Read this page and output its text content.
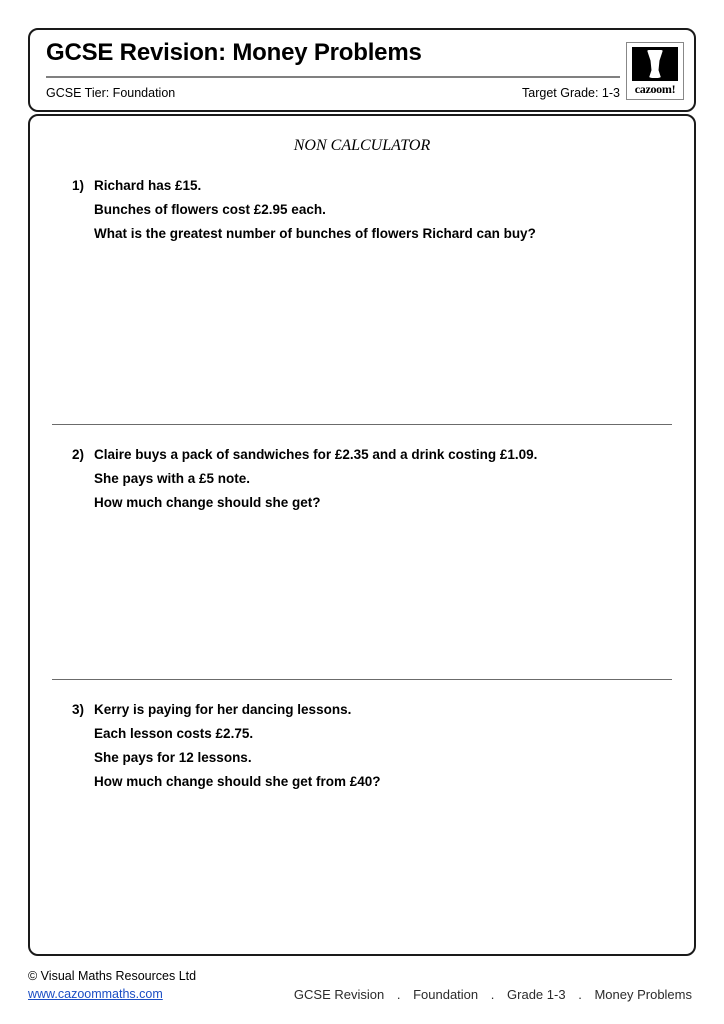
GCSE Revision: Money Problems
GCSE Tier: Foundation	Target Grade: 1-3 cazoom!
NON CALCULATOR
1) Richard has £15.
Bunches of flowers cost £2.95 each.
What is the greatest number of bunches of flowers Richard can buy?
2) Claire buys a pack of sandwiches for £2.35 and a drink costing £1.09.
She pays with a £5 note.
How much change should she get?
3) Kerry is paying for her dancing lessons.
Each lesson costs £2.75.
She pays for 12 lessons.
How much change should she get from £40?
© Visual Maths Resources Ltd
www.cazoommaths.com	GCSE Revision . Foundation . Grade 1-3 . Money Problems
